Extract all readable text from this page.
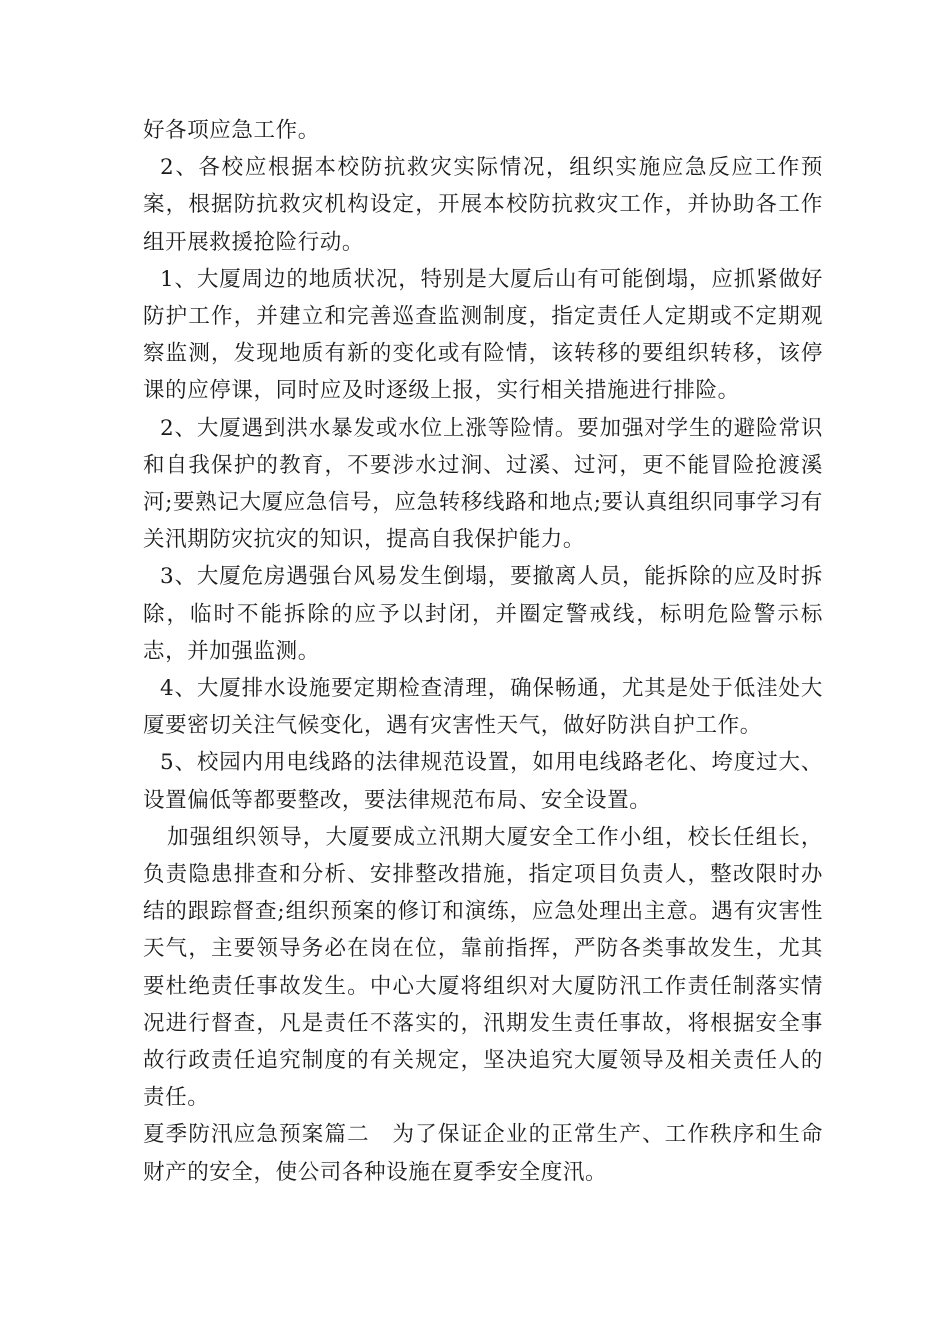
好各项应急工作。

2、各校应根据本校防抗救灾实际情况，组织实施应急反应工作预案，根据防抗救灾机构设定，开展本校防抗救灾工作，并协助各工作组开展救援抢险行动。

1、大厦周边的地质状况，特别是大厦后山有可能倒塌，应抓紧做好防护工作，并建立和完善巡查监测制度，指定责任人定期或不定期观察监测，发现地质有新的变化或有险情，该转移的要组织转移，该停课的应停课，同时应及时逐级上报，实行相关措施进行排险。

2、大厦遇到洪水暴发或水位上涨等险情。要加强对学生的避险常识和自我保护的教育，不要涉水过涧、过溪、过河，更不能冒险抢渡溪河;要熟记大厦应急信号，应急转移线路和地点;要认真组织同事学习有关汛期防灾抗灾的知识，提高自我保护能力。

3、大厦危房遇强台风易发生倒塌，要撤离人员，能拆除的应及时拆除，临时不能拆除的应予以封闭，并圈定警戒线，标明危险警示标志，并加强监测。

4、大厦排水设施要定期检查清理，确保畅通，尤其是处于低洼处大厦要密切关注气候变化，遇有灾害性天气，做好防洪自护工作。

5、校园内用电线路的法律规范设置，如用电线路老化、垮度过大、设置偏低等都要整改，要法律规范布局、安全设置。

加强组织领导，大厦要成立汛期大厦安全工作小组，校长任组长，负责隐患排查和分析、安排整改措施，指定项目负责人，整改限时办结的跟踪督查;组织预案的修订和演练，应急处理出主意。遇有灾害性天气，主要领导务必在岗在位，靠前指挥，严防各类事故发生，尤其要杜绝责任事故发生。中心大厦将组织对大厦防汛工作责任制落实情况进行督查，凡是责任不落实的，汛期发生责任事故，将根据安全事故行政责任追究制度的有关规定，坚决追究大厦领导及相关责任人的责任。

夏季防汛应急预案篇二　为了保证企业的正常生产、工作秩序和生命财产的安全，使公司各种设施在夏季安全度汛。
